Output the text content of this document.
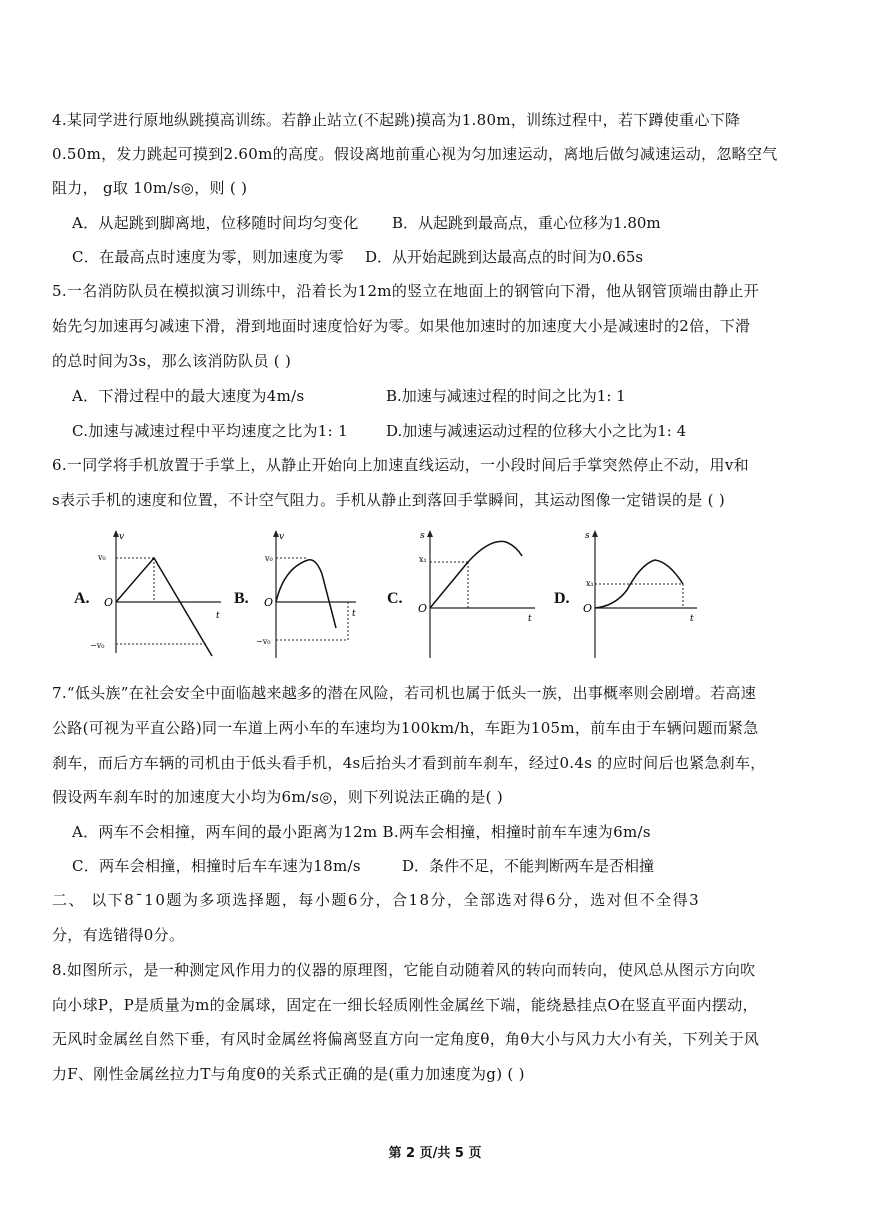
4.某同学进行原地纵跳摸高训练。若静止站立(不起跳)摸高为1.80m，训练过程中，若下蹲使重心下降
0.50m，发力跳起可摸到2.60m的高度。假设离地前重心视为匀加速运动，离地后做匀减速运动，忽略空气
阻力， g取 10m/s◎，则 ( )
A．从起跳到脚离地，位移随时间均匀变化 B．从起跳到最高点，重心位移为1.80m
C．在最高点时速度为零，则加速度为零 D．从开始起跳到达最高点的时间为0.65s
5.一名消防队员在模拟演习训练中，沿着长为12m的竖立在地面上的钢管向下滑，他从钢管顶端由静止开
始先匀加速再匀减速下滑，滑到地面时速度恰好为零。如果他加速时的加速度大小是减速时的2倍，下滑
的总时间为3s，那么该消防队员 ( )
A．下滑过程中的最大速度为4m/s	B.加速与减速过程的时间之比为1: 1
C.加速与减速过程中平均速度之比为1: 1	D.加速与减速运动过程的位移大小之比为1: 4
6.一同学将手机放置于手掌上，从静止开始向上加速直线运动，一小段时间后手掌突然停止不动，用v和
s表示手机的速度和位置，不计空气阻力。手机从静止到落回手掌瞬间，其运动图像一定错误的是 ( )
A.
v
t
O
v₀
−v₀
B.
v
t
O
v₀
−v₀
C.
s
t
O
x₁
D.
s
t
O
x₁
7.“低头族”在社会安全中面临越来越多的潜在风险，若司机也属于低头一族，出事概率则会剧增。若高速
公路(可视为平直公路)同一车道上两小车的车速均为100km/h，车距为105m，前车由于车辆问题而紧急
刹车，而后方车辆的司机由于低头看手机，4s后抬头才看到前车刹车，经过0.4s 的应时间后也紧急刹车，
假设两车刹车时的加速度大小均为6m/s◎，则下列说法正确的是( )
A．两车不会相撞，两车间的最小距离为12m B.两车会相撞，相撞时前车车速为6m/s
C．两车会相撞，相撞时后车车速为18m/s	D．条件不足，不能判断两车是否相撞
二、 以下8¯10题为多项选择题，每小题6分，合18分，全部选对得6分，选对但不全得3
分，有选错得0分。
8.如图所示，是一种测定风作用力的仪器的原理图，它能自动随着风的转向而转向，使风总从图示方向吹
向小球P，P是质量为m的金属球，固定在一细长轻质刚性金属丝下端，能绕悬挂点O在竖直平面内摆动，
无风时金属丝自然下垂，有风时金属丝将偏离竖直方向一定角度θ，角θ大小与风力大小有关，下列关于风
力F、刚性金属丝拉力T与角度θ的关系式正确的是(重力加速度为g) ( )
第 2 页/共 5 页
